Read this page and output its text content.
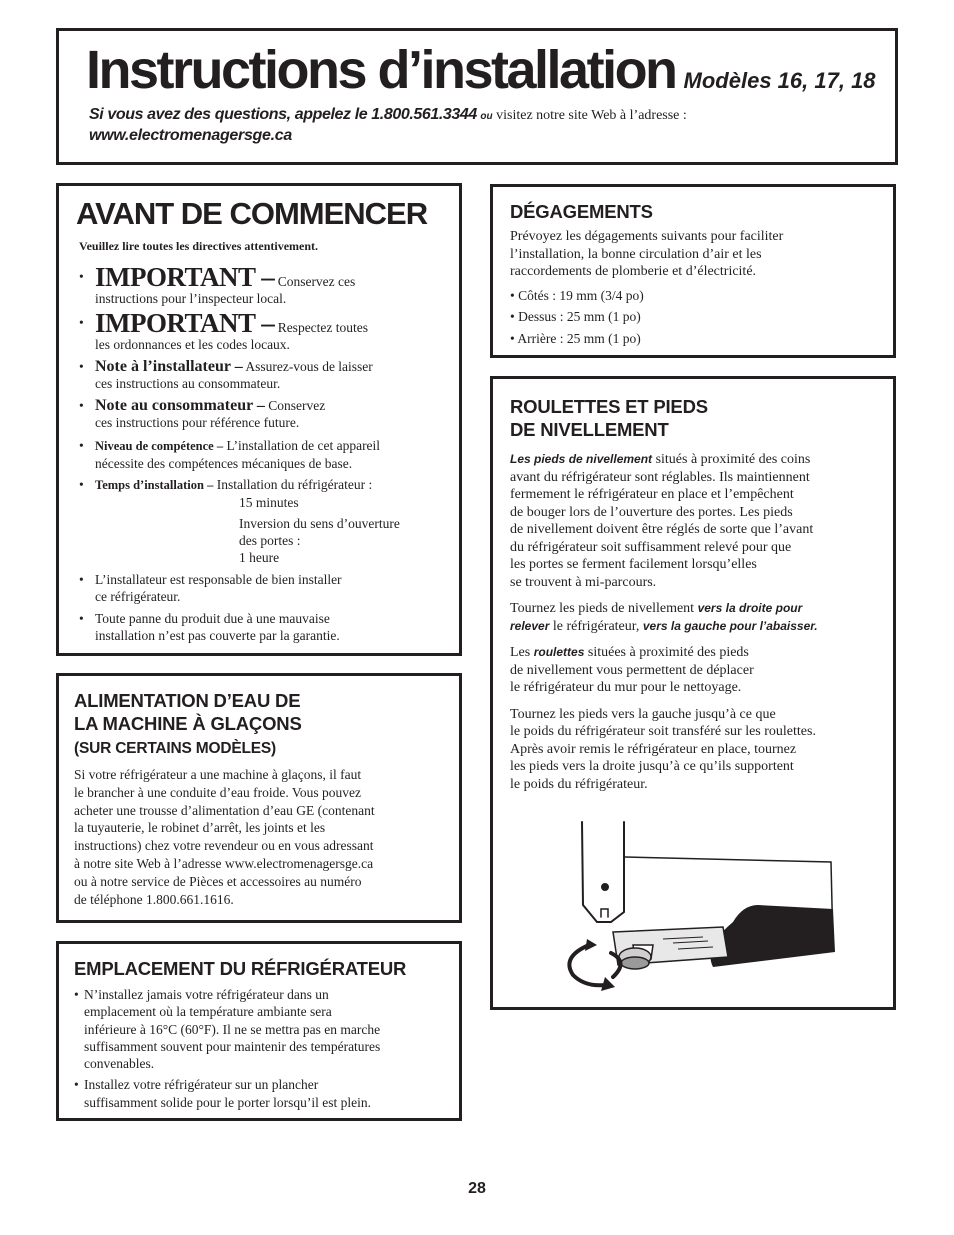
Instructions d’installation Modèles 16, 17, 18
Si vous avez des questions, appelez le 1.800.561.3344 ou visitez notre site Web à l’adresse :
www.electromenagersge.ca
AVANT DE COMMENCER
Veuillez lire toutes les directives attentivement.
• IMPORTANT – Conservez ces
instructions pour l’inspecteur local.
• IMPORTANT – Respectez toutes
les ordonnances et les codes locaux.
• Note à l’installateur – Assurez-vous de laisser
ces instructions au consommateur.
• Note au consommateur – Conservez
ces instructions pour référence future.
• Niveau de compétence – L’installation de cet appareil
nécessite des compétences mécaniques de base.
• Temps d’installation – Installation du réfrigérateur :
15 minutes
Inversion du sens d’ouverture
des portes :
1 heure
• L’installateur est responsable de bien installer
ce réfrigérateur.
• Toute panne du produit due à une mauvaise
installation n’est pas couverte par la garantie.
DÉGAGEMENTS
Prévoyez les dégagements suivants pour faciliter
l’installation, la bonne circulation d’air et les
raccordements de plomberie et d’électricité.
• Côtés : 19 mm (3/4 po)
• Dessus : 25 mm (1 po)
• Arrière : 25 mm (1 po)
ROULETTES ET PIEDS
DE NIVELLEMENT
Les pieds de nivellement situés à proximité des coins
avant du réfrigérateur sont réglables. Ils maintiennent
fermement le réfrigérateur en place et l’empêchent
de bouger lors de l’ouverture des portes. Les pieds
de nivellement doivent être réglés de sorte que l’avant
du réfrigérateur soit suffisamment relevé pour que
les portes se ferment facilement lorsqu’elles
se trouvent à mi-parcours.
Tournez les pieds de nivellement vers la droite pour
relever le réfrigérateur, vers la gauche pour l’abaisser.
Les roulettes situées à proximité des pieds
de nivellement vous permettent de déplacer
le réfrigérateur du mur pour le nettoyage.
Tournez les pieds vers la gauche jusqu’à ce que
le poids du réfrigérateur soit transféré sur les roulettes.
Après avoir remis le réfrigérateur en place, tournez
les pieds vers la droite jusqu’à ce qu’ils supportent
le poids du réfrigérateur.
ALIMENTATION D’EAU DE
LA MACHINE À GLAÇONS
(SUR CERTAINS MODÈLES)
Si votre réfrigérateur a une machine à glaçons, il faut
le brancher à une conduite d’eau froide. Vous pouvez
acheter une trousse d’alimentation d’eau GE (contenant
la tuyauterie, le robinet d’arrêt, les joints et les
instructions) chez votre revendeur ou en vous adressant
à notre site Web à l’adresse www.electromenagersge.ca
ou à notre service de Pièces et accessoires au numéro
de téléphone 1.800.661.1616.
EMPLACEMENT DU RÉFRIGÉRATEUR
• N’installez jamais votre réfrigérateur dans un
emplacement où la température ambiante sera
inférieure à 16°C (60°F). Il ne se mettra pas en marche
suffisamment souvent pour maintenir des températures
convenables.
• Installez votre réfrigérateur sur un plancher
suffisamment solide pour le porter lorsqu’il est plein.
28
